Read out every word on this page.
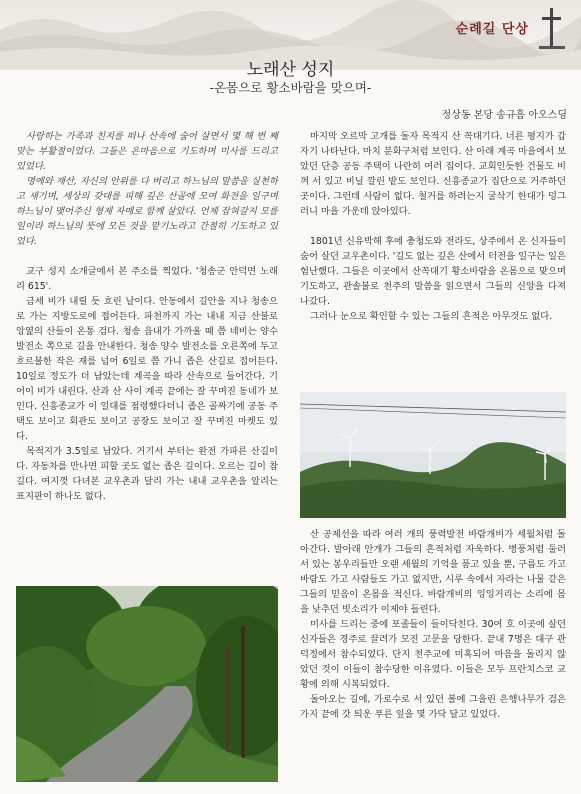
순례길 단상
노래산 성지
-온몸으로 황소바람을 맞으며-
정상동 본당 송규흠 아오스딩

사랑하는 가족과 친지를 떠나 산속에 숨어 살면서 몇 해 번 째 맞는 부활절이었다. 그들은 온마음으로 기도하며 미사를 드리고 있었다.

명예와 재산, 자신의 안위를 다 버리고 하느님의 말씀을 실천하고 새기며, 세상의 갖대를 피해 깊은 산골에 모여 화전을 일구며 하느님이 맺어주신 형제 자매로 함께 살았다. 언제 잡혀갈지 모를 일이라 하느님의 뜻에 모든 것을 맡기노라고 간절히 기도하고 있었다.

교구 성지 소개글에서 본 주소를 찍었다. '청송군 안덕면 노래리 615'.

금세 비가 내릴 듯 흐린 날이다. 안동에서 길안을 지나 청송으로 가는 지방도로에 접어든다. 파천까지 가는 내내 지금 산불로 앙엹의 산들이 온통 검다. 청송 읍내가 가까울 때 쯤 네비는 양수 발전소 쪽으로 길을 안내한다. 청송 양수 발전소를 오른쪽에 두고 흐르불한 작은 재를 넘어 6일로 쯤 가니 좁은 산길로 접어든다. 10일로 정도가 더 남았는데 계곡을 따라 산속으로 들어간다. 기어이 비가 내린다. 산과 산 사이 계곡 끝에는 잘 꾸며진 동네가 보인다. 신흥종교가 이 일대를 점령했다더니 좁은 골짜기에 공동 주택도 보이고 회관도 보이고 공장도 보이고 잘 꾸며진 마켓도 있다.

목적지가 3.5일로 남았다. 거기서 부터는 완전 가파른 산길이다. 자동차를 만나면 피할 곳도 없는 좁은 길이다. 오르는 길이 참 길다. 여지껏 다녀본 교우촌과 달리 가는 내내 교우촌을 알리는 표지판이 하나도 없다.

마지막 오르막 고개를 돌자 목적지 산 꼭대기다. 너른 평지가 갑자기 나타난다. 마치 분화구처럼 보인다. 산 아래 계곡 마을에서 보았던 단층 공동 주택이 나란히 여러 집이다. 교회인듯한 건물도 비껴 서 있고 비닐 깔린 밭도 보인다. 신흥종교가 집단으로 거주하던 곳이다. 그런데 사람이 없다. 철거를 하려는지 굴삭기 한대가 덩그러니 마을 가운데 앉아있다.

1801년 신유박해 후에 충청도와 전라도, 상주에서 온 신자들이 숨어 살던 교우촌이다. '길도 없는 깊은 산에서 터전을 일구는 일은 험난했다. 그들은 이곳에서 산꼭대기 황소바람을 온몸으로 맞으며 기도하고, 관솔불로 천주의 말씀을 읽으면서 그들의 신앙을 다져나갔다.

그러나 눈으로 확인할 수 있는 그들의 흔적은 아무것도 없다.

산 공제선을 따라 여러 개의 풍력발전 바람개비가 세월처럼 돌아간다. 발아래 안개가 그들의 흔적처럼 자욱하다. 병풍처럼 둘러 서 있는 봉우리들만 오랜 세월의 기억을 품고 있을 뿐, 구름도 가고 바람도 가고 사람들도 가고 없지만, 시루 속에서 자라는 나물 같은 그들의 믿음이 온몸을 적신다. 바람개비의 잉잉거리는 소리에 몸을 낮추던 빗소리가 이제야 들린다.

미사를 드리는 중에 포졸들이 들이닥친다. 30여 호 이곳에 살던 신자들은 경주로 끌려가 모진 고문을 당한다. 끝내 7명은 대구 관덕정에서 참수되었다. 단지 천주교에 미혹되어 마음을 돌리지 않았던 것이 이들이 참수당한 이유였다. 이들은 모두 프란치스코 교황에 의해 시복되었다.

돌아오는 길에, 가로수로 서 있던 볼에 그을린 은행나무가 검은 가지 끝에 갓 틔운 푸른 잎을 몇 가닥 달고 있었다.
